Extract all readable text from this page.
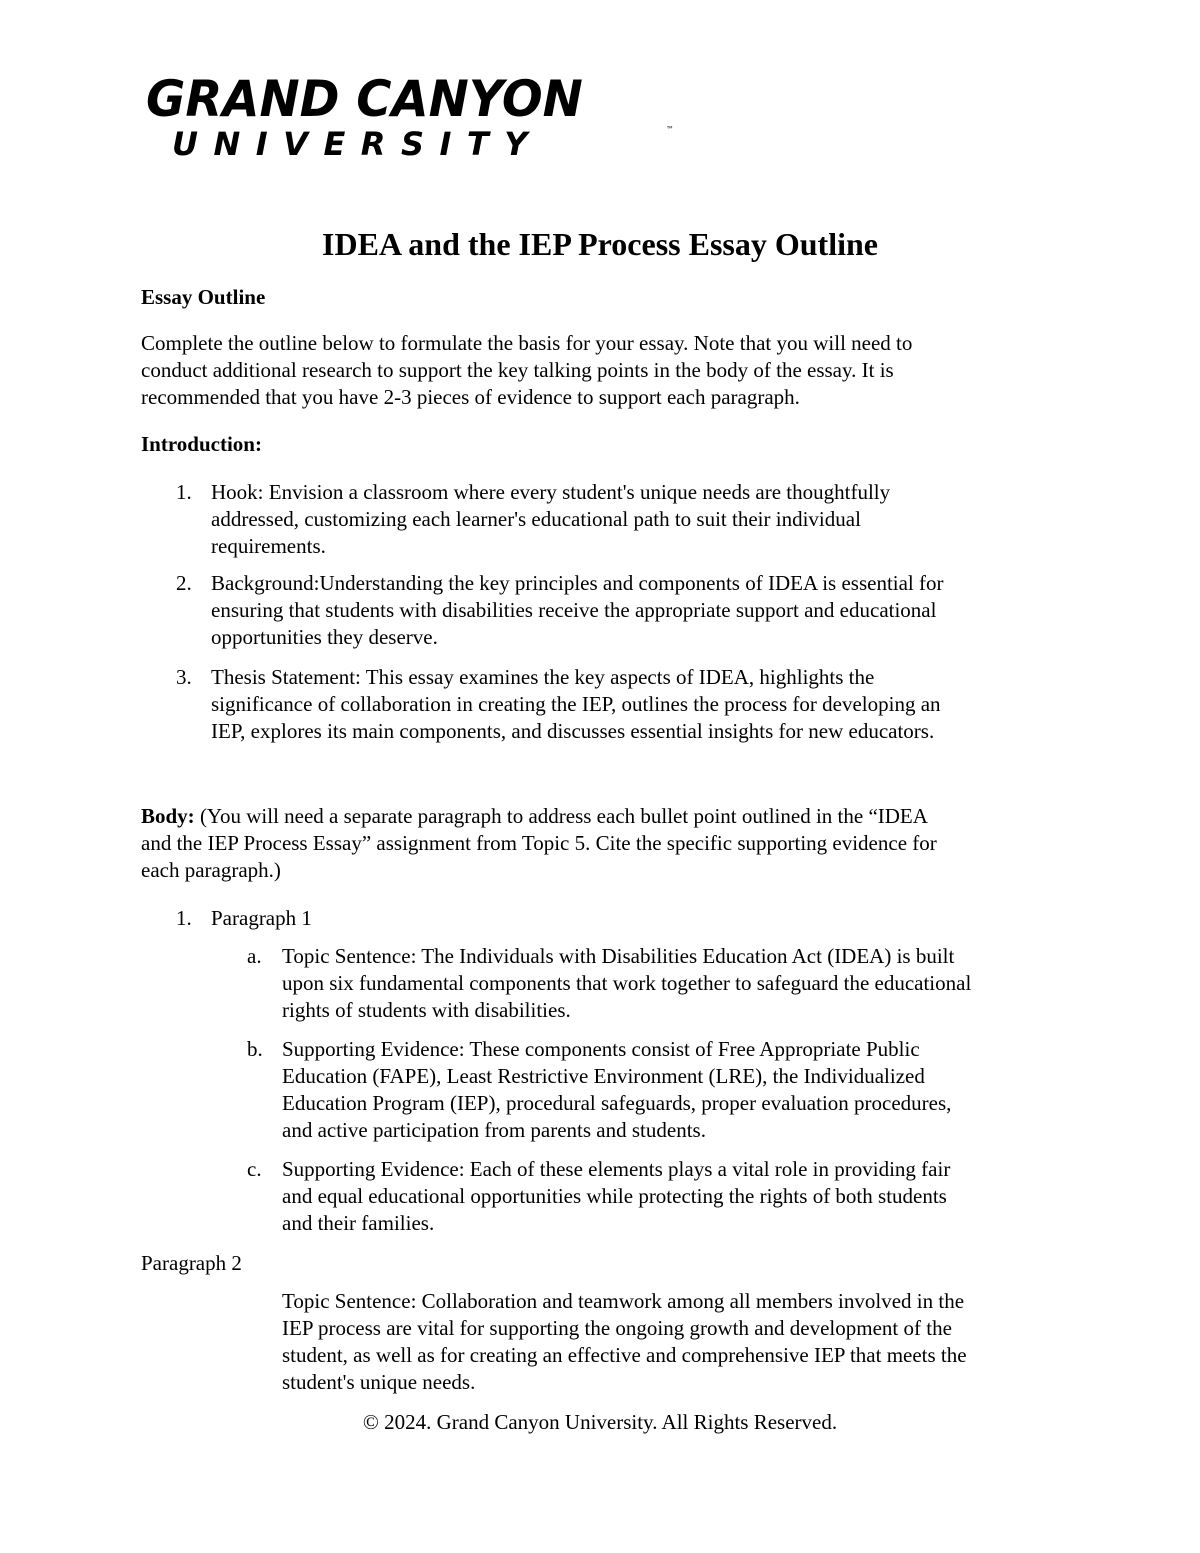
GRAND CANYON
UNIVERSITY	™
IDEA and the IEP Process Essay Outline

Essay Outline

Complete the outline below to formulate the basis for your essay. Note that you will need to
conduct additional research to support the key talking points in the body of the essay. It is
recommended that you have 2-3 pieces of evidence to support each paragraph.

Introduction:

1. Hook: Envision a classroom where every student's unique needs are thoughtfully
addressed, customizing each learner's educational path to suit their individual
requirements.

2. Background:Understanding the key principles and components of IDEA is essential for
ensuring that students with disabilities receive the appropriate support and educational
opportunities they deserve.

3. Thesis Statement: This essay examines the key aspects of IDEA, highlights the
significance of collaboration in creating the IEP, outlines the process for developing an
IEP, explores its main components, and discusses essential insights for new educators.
Body: (You will need a separate paragraph to address each bullet point outlined in the “IDEA
and the IEP Process Essay” assignment from Topic 5. Cite the specific supporting evidence for
each paragraph.)

1. Paragraph 1

a. Topic Sentence: The Individuals with Disabilities Education Act (IDEA) is built
upon six fundamental components that work together to safeguard the educational
rights of students with disabilities.

b. Supporting Evidence: These components consist of Free Appropriate Public
Education (FAPE), Least Restrictive Environment (LRE), the Individualized
Education Program (IEP), procedural safeguards, proper evaluation procedures,
and active participation from parents and students.

c. Supporting Evidence: Each of these elements plays a vital role in providing fair
and equal educational opportunities while protecting the rights of both students
and their families.

Paragraph 2

Topic Sentence: Collaboration and teamwork among all members involved in the
IEP process are vital for supporting the ongoing growth and development of the
student, as well as for creating an effective and comprehensive IEP that meets the
student's unique needs.

© 2024. Grand Canyon University. All Rights Reserved.
